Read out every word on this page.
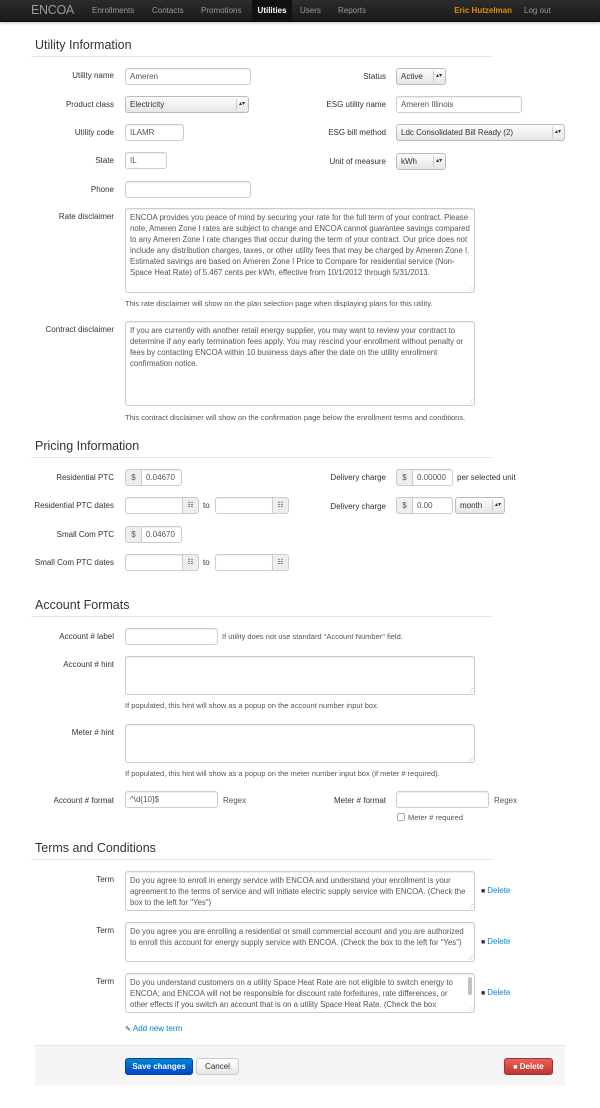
ENCOA	Enrollments	Contacts	Promotions	Utilities	Users	Reports	Eric Hutzelman	Log out
Utility Information
Utility name	Ameren
Product class	Electricity	▴▾
Utility code	ILAMR
State	IL
Phone
Status	Active ▴▾
ESG utility name	Ameren Illinois
ESG bill method	Ldc Consolidated Bill Ready (2)	▴▾
Unit of measure	kWh	▴▾
Rate disclaimer	ENCOA provides you peace of mind by securing your rate for the full term of your contract. Please note, Ameren Zone I rates are subject to change and ENCOA cannot guarantee savings compared to any Ameren Zone I rate changes that occur during the term of your contract. Our price does not include any distribution charges, taxes, or other utility fees that may be charged by Ameren Zone I. Estimated savings are based on Ameren Zone I Price to Compare for residential service (Non-Space Heat Rate) of 5.467 cents per kWh, effective from 10/1/2012 through 5/31/2013.
This rate disclaimer will show on the plan selection page when displaying plans for this utility.
Contract disclaimer	If you are currently with another retail energy supplier, you may want to review your contract to determine if any early termination fees apply. You may rescind your enrollment without penalty or fees by contacting ENCOA within 10 business days after the date on the utility enrollment confirmation notice.
This contract disclaimer will show on the confirmation page below the enrollment terms and conditions.
Pricing Information
Residential PTC	$	0.04670
Residential PTC dates	☷	to	☷
Small Com PTC	$	0.04670
Small Com PTC dates	☷	to	☷
Delivery charge	$	0.00000	per selected unit
Delivery charge	$	0.00	month ▴▾
Account Formats
Account # label	If utility does not use standard "Account Number" field.
Account # hint
If populated, this hint will show as a popup on the account number input box.
Meter # hint
If populated, this hint will show as a popup on the meter number input box (if meter # required).
Account # format	^\d{10}$	Regex	Meter # format	Regex
Meter # required
Terms and Conditions
Term	Do you agree to enroll in energy service with ENCOA and understand your enrollment is your agreement to the terms of service and will initiate electric supply service with ENCOA. (Check the box to the left for "Yes")
■ Delete
Term	Do you agree you are enrolling a residential or small commercial account and you are authorized to enroll this account for energy supply service with ENCOA. (Check the box to the left for "Yes")	■ Delete
Term	Do you understand customers on a utility Space Heat Rate are not eligible to switch energy to ENCOA; and ENCOA will not be responsible for discount rate forfeitures, rate differences, or other effects if you switch an account that is on a utility Space Heat Rate. (Check the box
■ Delete
✎ Add new term
Save changes	Cancel	■ Delete
